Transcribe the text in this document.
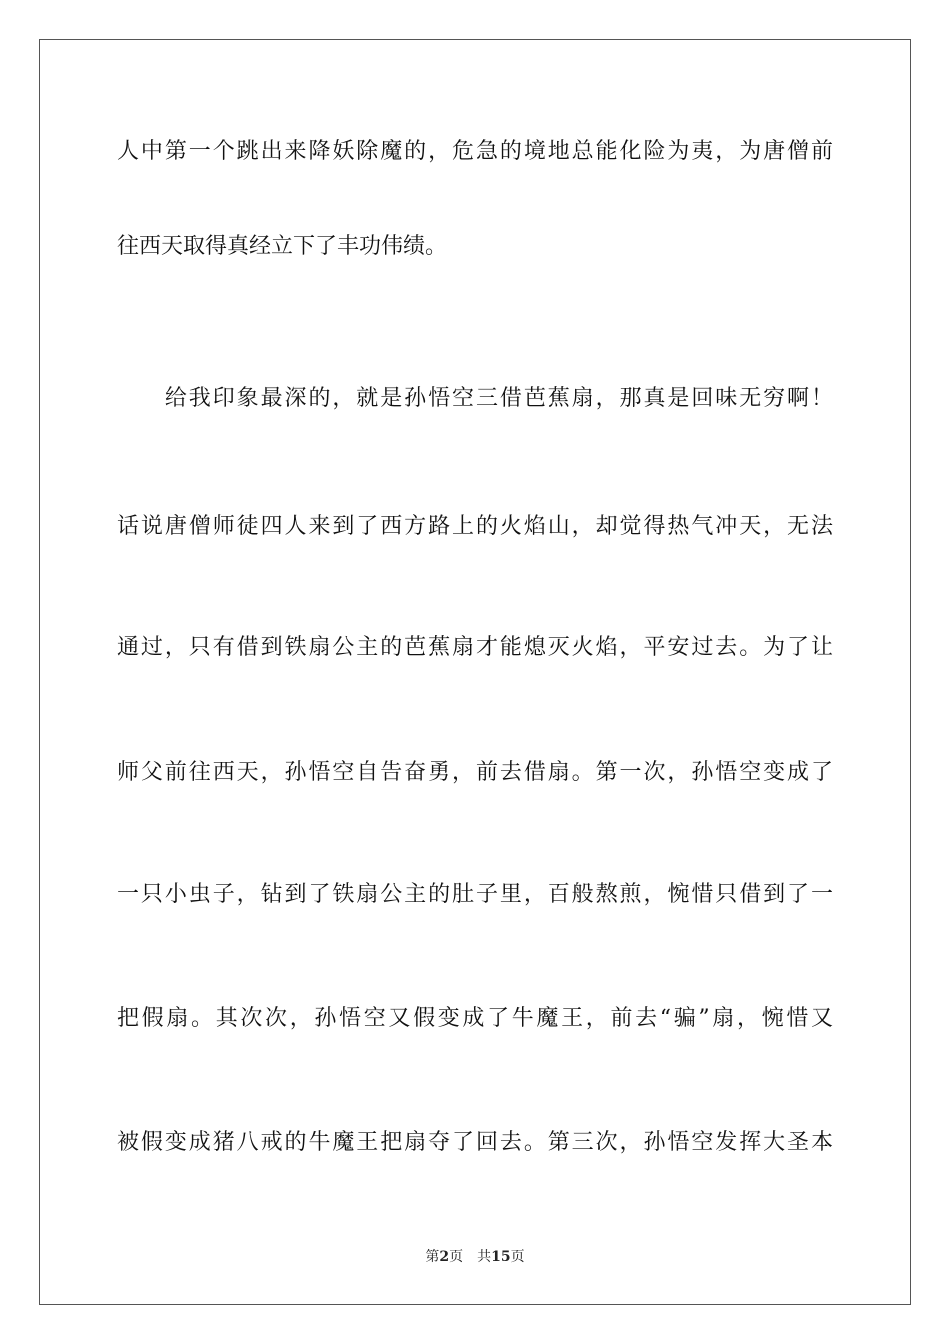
人中第一个跳出来降妖除魔的，危急的境地总能化险为夷，为唐僧前
往西天取得真经立下了丰功伟绩。
　　给我印象最深的，就是孙悟空三借芭蕉扇，那真是回味无穷啊！
话说唐僧师徒四人来到了西方路上的火焰山，却觉得热气冲天，无法
通过，只有借到铁扇公主的芭蕉扇才能熄灭火焰，平安过去。为了让
师父前往西天，孙悟空自告奋勇，前去借扇。第一次，孙悟空变成了
一只小虫子，钻到了铁扇公主的肚子里，百般熬煎，惋惜只借到了一
把假扇。其次次，孙悟空又假变成了牛魔王，前去“骗”扇，惋惜又
被假变成猪八戒的牛魔王把扇夺了回去。第三次，孙悟空发挥大圣本
第2页 共15页
